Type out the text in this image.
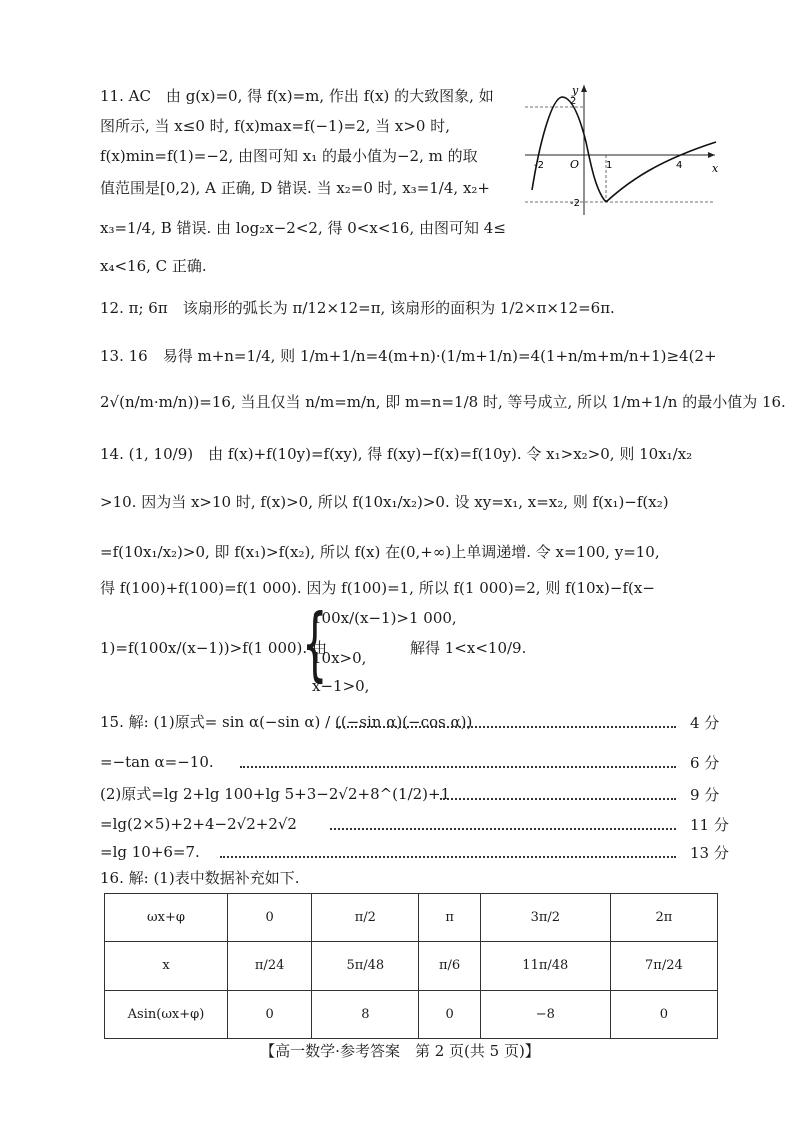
11. AC　由 g(x)=0, 得 f(x)=m, 作出 f(x) 的大致图象, 如
图所示, 当 x≤0 时, f(x)max=f(−1)=2, 当 x>0 时,
f(x)min=f(1)=−2, 由图可知 x₁ 的最小值为−2, m 的取
值范围是[0,2), A 正确, D 错误. 当 x₂=0 时, x₃=1/4, x₂+
x₃=1/4, B 错误. 由 log₂x−2<2, 得 0<x<16, 由图可知 4≤
x₄<16, C 正确.
y
x
-2 O	1	4
2
-2
12. π; 6π　该扇形的弧长为 π/12×12=π, 该扇形的面积为 1/2×π×12=6π.
13. 16　易得 m+n=1/4, 则 1/m+1/n=4(m+n)·(1/m+1/n)=4(1+n/m+m/n+1)≥4(2+
2√(n/m·m/n))=16, 当且仅当 n/m=m/n, 即 m=n=1/8 时, 等号成立, 所以 1/m+1/n 的最小值为 16.
14. (1, 10/9)　由 f(x)+f(10y)=f(xy), 得 f(xy)−f(x)=f(10y). 令 x₁>x₂>0, 则 10x₁/x₂
>10. 因为当 x>10 时, f(x)>0, 所以 f(10x₁/x₂)>0. 设 xy=x₁, x=x₂, 则 f(x₁)−f(x₂)
=f(10x₁/x₂)>0, 即 f(x₁)>f(x₂), 所以 f(x) 在(0,+∞)上单调递增. 令 x=100, y=10,
得 f(100)+f(100)=f(1 000). 因为 f(100)=1, 所以 f(1 000)=2, 则 f(10x)−f(x−
1)=f(100x/(x−1))>f(1 000). 由
{
100x/(x−1)>1 000,
10x>0,
x−1>0,
解得 1<x<10/9.
15. 解: (1)原式= sin α(−sin α) / ((−sin α)(−cos α))	4 分
=−tan α=−10.	6 分
(2)原式=lg 2+lg 100+lg 5+3−2√2+8^(1/2)+1	9 分
=lg(2×5)+2+4−2√2+2√2	11 分
=lg 10+6=7.	13 分
16. 解: (1)表中数据补充如下.
ωx+φ	0	π/2	π	3π/2	2π
x	π/24	5π/48	π/6	11π/48	7π/24
Asin(ωx+φ)	0	8	0	−8	0
【高一数学·参考答案　第 2 页(共 5 页)】
